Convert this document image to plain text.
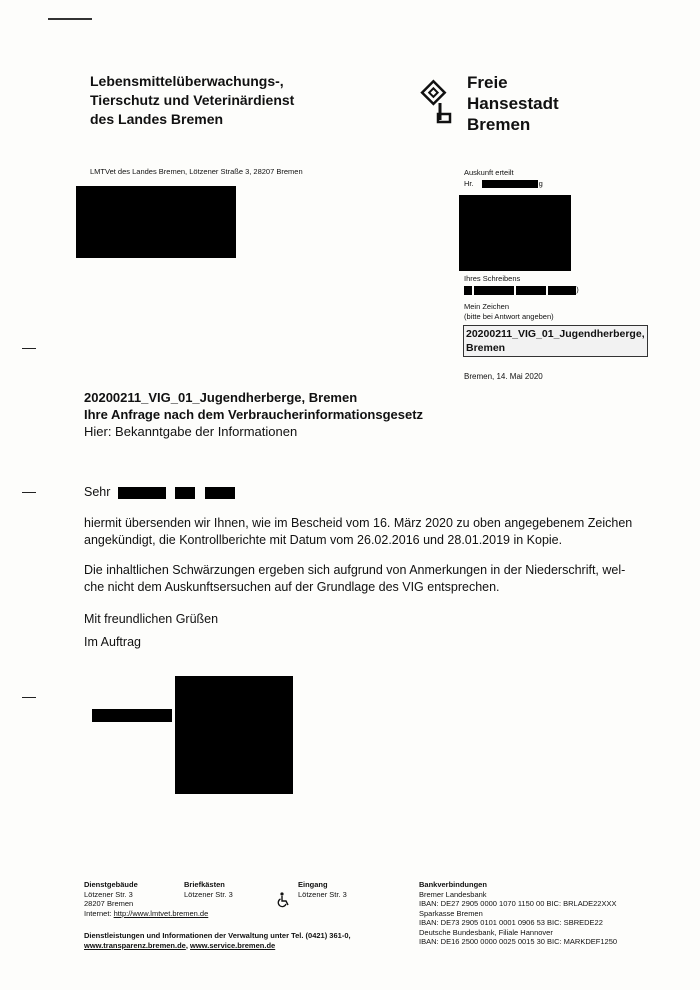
Lebensmittelüberwachungs-,
Tierschutz und Veterinärdienst
des Landes Bremen
Freie
Hansestadt
Bremen
LMTVet des Landes Bremen, Lötzener Straße 3, 28207 Bremen	Auskunft erteilt
Hr.	g
Ihres Schreibens
)
Mein Zeichen
(bitte bei Antwort angeben)
20200211_VIG_01_Jugendherberge,
Bremen
Bremen, 14. Mai 2020
20200211_VIG_01_Jugendherberge, Bremen
Ihre Anfrage nach dem Verbraucherinformationsgesetz
Hier: Bekanntgabe der Informationen
Sehr
hiermit übersenden wir Ihnen, wie im Bescheid vom 16. März 2020 zu oben angegebenem Zeichen
angekündigt, die Kontrollberichte mit Datum vom 26.02.2016 und 28.01.2019 in Kopie.
Die inhaltlichen Schwärzungen ergeben sich aufgrund von Anmerkungen in der Niederschrift, wel-
che nicht dem Auskunftsersuchen auf der Grundlage des VIG entsprechen.
Mit freundlichen Grüßen
Im Auftrag
Dienstgebäude
Lötzener Str. 3
28207 Bremen
Internet: http://www.lmtvet.bremen.de
Briefkästen
Lötzener Str. 3
Eingang
Lötzener Str. 3
Bankverbindungen
Bremer Landesbank
IBAN: DE27 2905 0000 1070 1150 00 BIC: BRLADE22XXX
Sparkasse Bremen
IBAN: DE73 2905 0101 0001 0906 53 BIC: SBREDE22
Deutsche Bundesbank, Filiale Hannover
IBAN: DE16 2500 0000 0025 0015 30 BIC: MARKDEF1250
Dienstleistungen und Informationen der Verwaltung unter Tel. (0421) 361-0,
www.transparenz.bremen.de, www.service.bremen.de
